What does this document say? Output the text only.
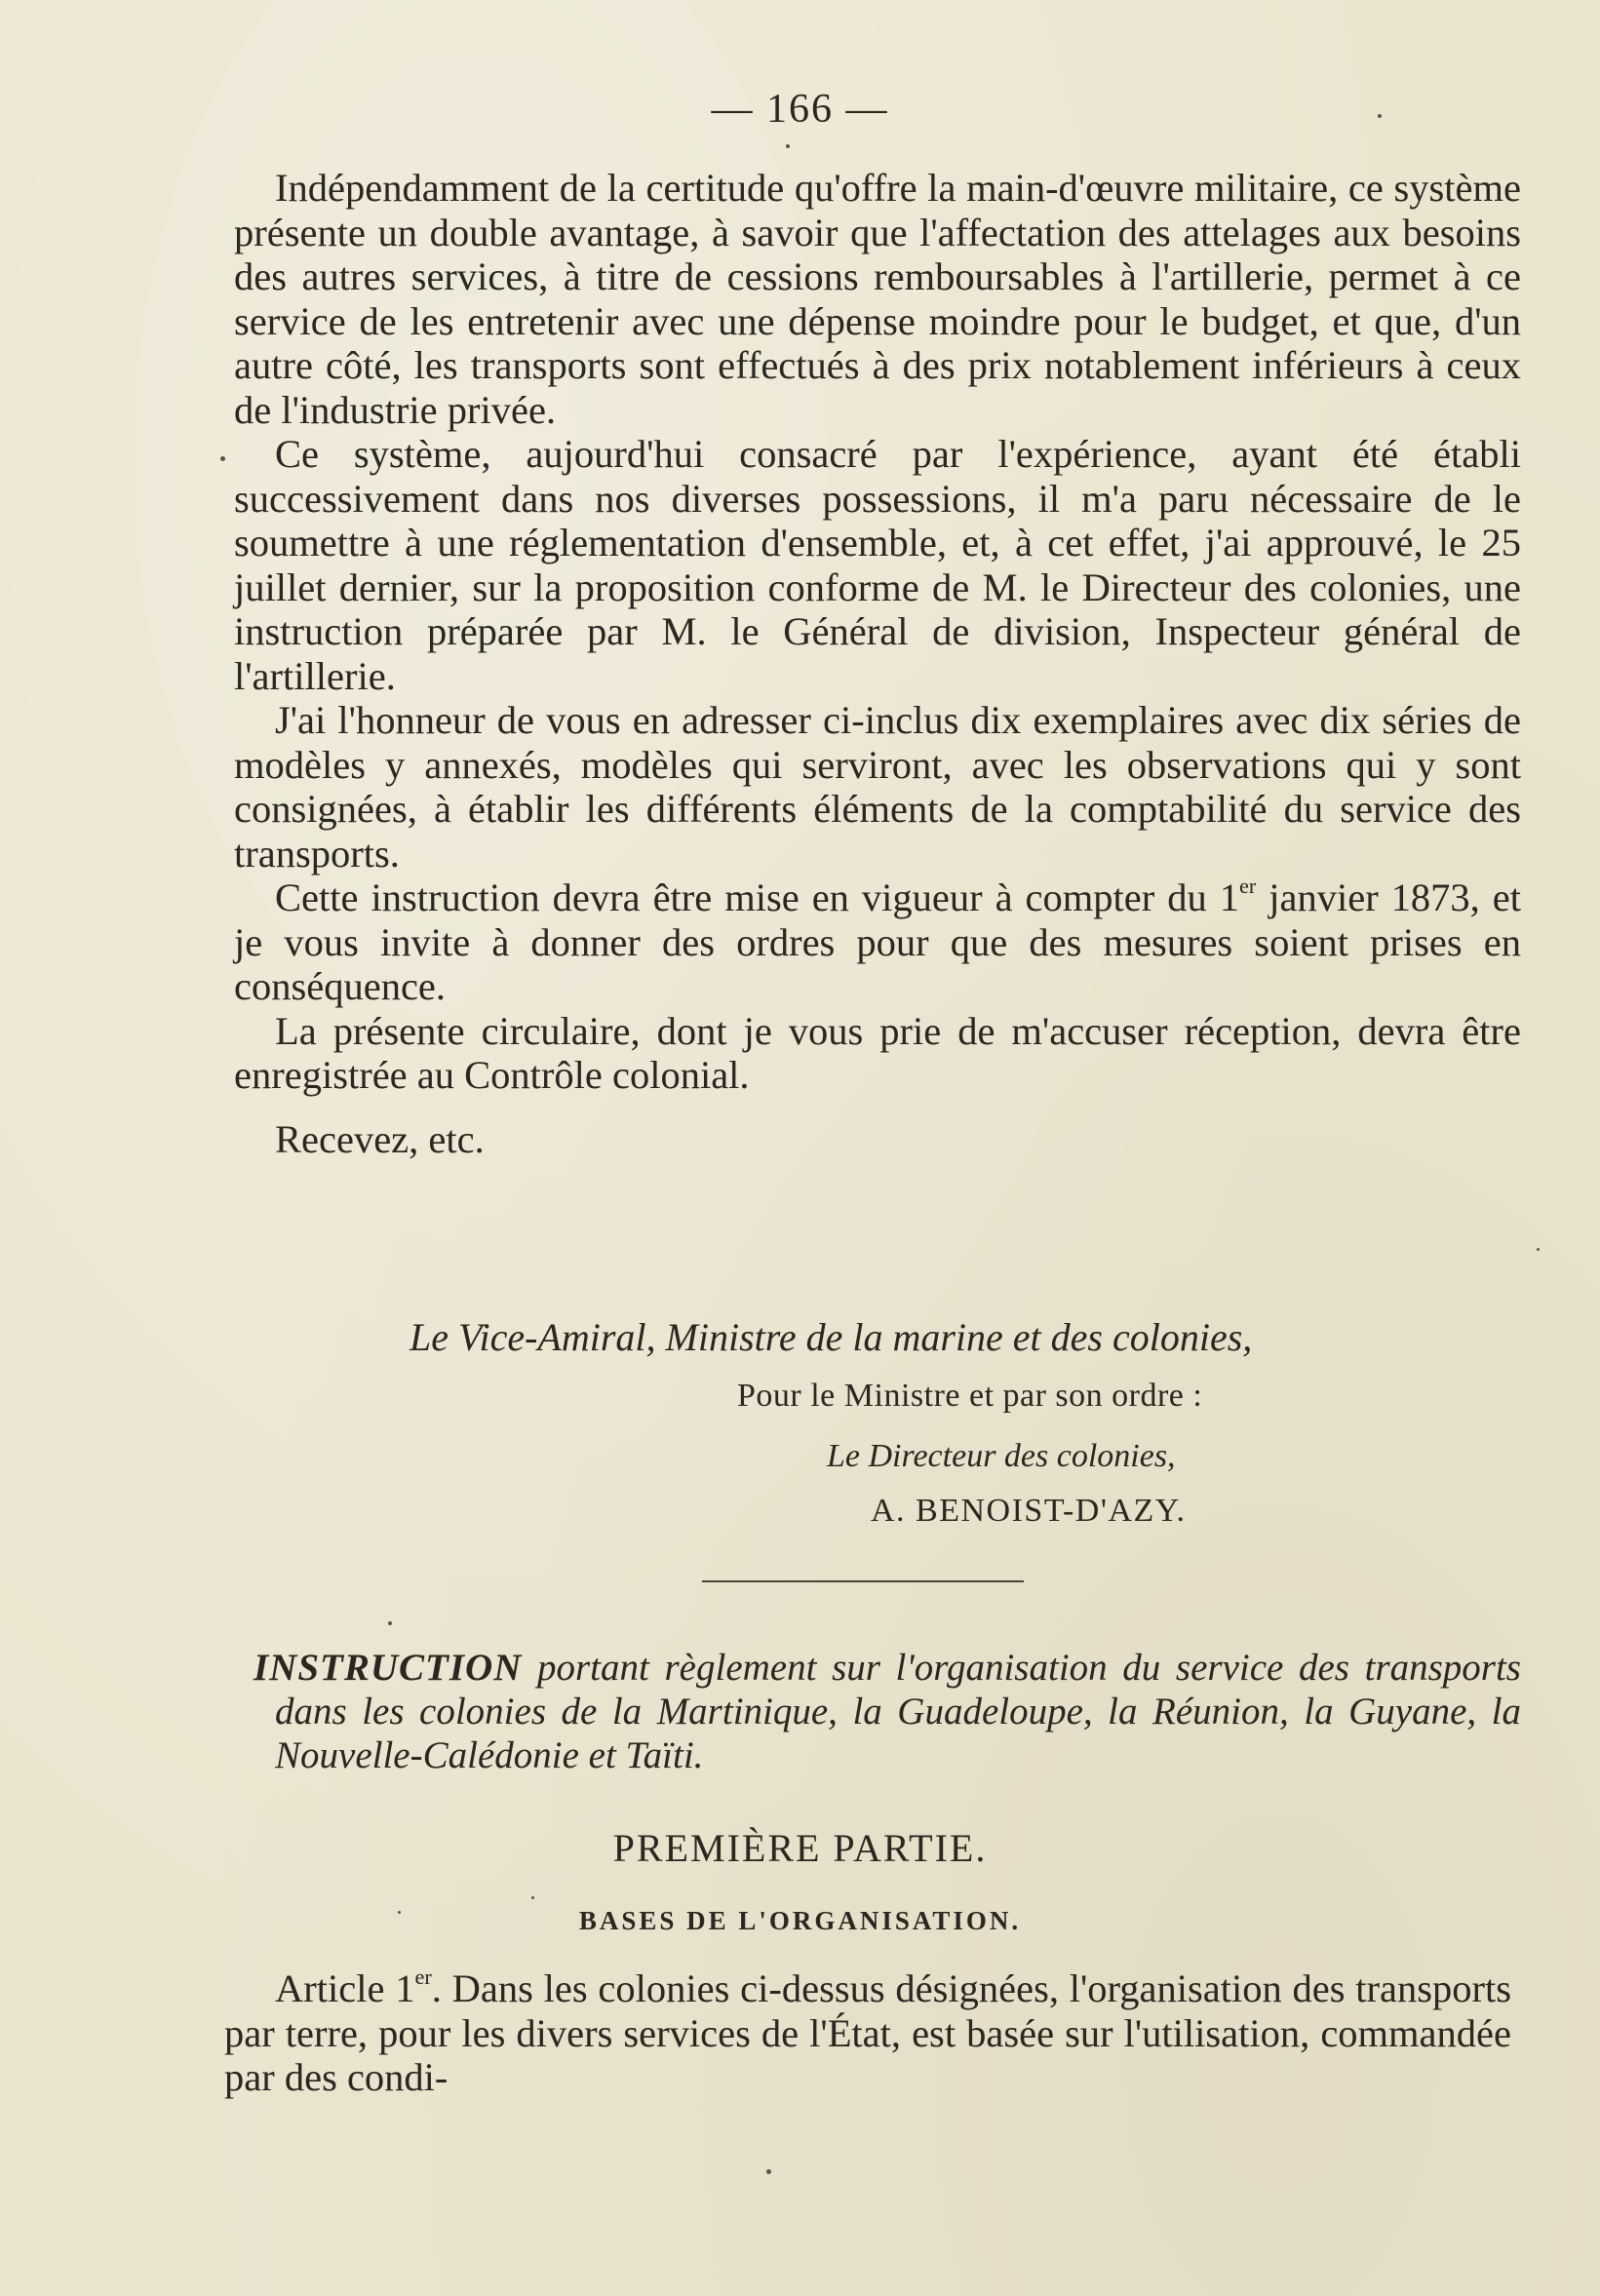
— 166 —

Indépendamment de la certitude qu'offre la main-d'œuvre militaire, ce système présente un double avantage, à savoir que l'affectation des attelages aux besoins des autres services, à titre de cessions remboursables à l'artillerie, permet à ce service de les entretenir avec une dépense moindre pour le budget, et que, d'un autre côté, les transports sont effectués à des prix notablement inférieurs à ceux de l'industrie privée.

Ce système, aujourd'hui consacré par l'expérience, ayant été établi successivement dans nos diverses possessions, il m'a paru nécessaire de le soumettre à une réglementation d'ensemble, et, à cet effet, j'ai approuvé, le 25 juillet dernier, sur la proposition conforme de M. le Directeur des colonies, une instruction préparée par M. le Général de division, Inspecteur général de l'artillerie.

J'ai l'honneur de vous en adresser ci-inclus dix exemplaires avec dix séries de modèles y annexés, modèles qui serviront, avec les observations qui y sont consignées, à établir les différents éléments de la comptabilité du service des transports.

Cette instruction devra être mise en vigueur à compter du 1er janvier 1873, et je vous invite à donner des ordres pour que des mesures soient prises en conséquence.

La présente circulaire, dont je vous prie de m'accuser réception, devra être enregistrée au Contrôle colonial.

Recevez, etc.

Le Vice-Amiral, Ministre de la marine et des colonies,
Pour le Ministre et par son ordre :
Le Directeur des colonies,
A. BENOIST-D'AZY.
INSTRUCTION portant règlement sur l'organisation du service des transports dans les colonies de la Martinique, la Guadeloupe, la Réunion, la Guyane, la Nouvelle-Calédonie et Taïti.
PREMIÈRE PARTIE.
BASES DE L'ORGANISATION.
Article 1er. Dans les colonies ci-dessus désignées, l'organisation des transports par terre, pour les divers services de l'État, est basée sur l'utilisation, commandée par des condi-
